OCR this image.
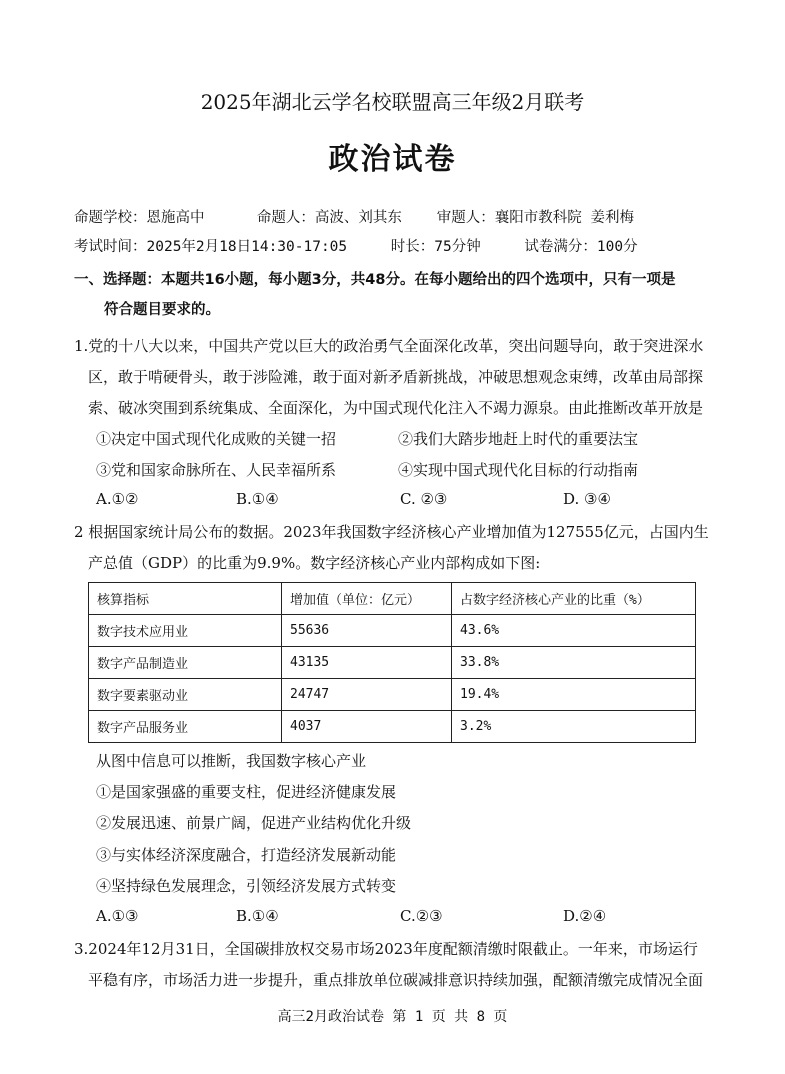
2025年湖北云学名校联盟高三年级2月联考
政治试卷
命题学校：恩施高中      命题人：高波、刘其东    审题人：襄阳市教科院 姜利梅
考试时间：2025年2月18日14:30-17:05     时长：75分钟     试卷满分：100分
一、选择题：本题共16小题，每小题3分，共48分。在每小题给出的四个选项中，只有一项是
符合题目要求的。
1.党的十八大以来，中国共产党以巨大的政治勇气全面深化改革，突出问题导向，敢于突进深水
区，敢于啃硬骨头，敢于涉险滩，敢于面对新矛盾新挑战，冲破思想观念束缚，改革由局部探
索、破冰突围到系统集成、全面深化，为中国式现代化注入不竭力源泉。由此推断改革开放是
①决定中国式现代化成败的关键一招	②我们大踏步地赶上时代的重要法宝
③党和国家命脉所在、人民幸福所系	④实现中国式现代化目标的行动指南
A.①②	B.①④	C. ②③	D. ③④
2 根据国家统计局公布的数据。2023年我国数字经济核心产业增加值为127555亿元，占国内生
产总值（GDP）的比重为9.9%。数字经济核心产业内部构成如下图:
核算指标	增加值（单位：亿元）	占数字经济核心产业的比重（%）
数字技术应用业	55636	43.6%
数字产品制造业	43135	33.8%
数字要素驱动业	24747	19.4%
数字产品服务业	4037	3.2%
从图中信息可以推断，我国数字核心产业
①是国家强盛的重要支柱，促进经济健康发展
②发展迅速、前景广阔，促进产业结构优化升级
③与实体经济深度融合，打造经济发展新动能
④坚持绿色发展理念，引领经济发展方式转变
A.①③	B.①④	C.②③	D.②④
3.2024年12月31日，全国碳排放权交易市场2023年度配额清缴时限截止。一年来，市场运行
平稳有序，市场活力进一步提升，重点排放单位碳减排意识持续加强，配额清缴完成情况全面
高三2月政治试卷 第 1 页 共 8 页
